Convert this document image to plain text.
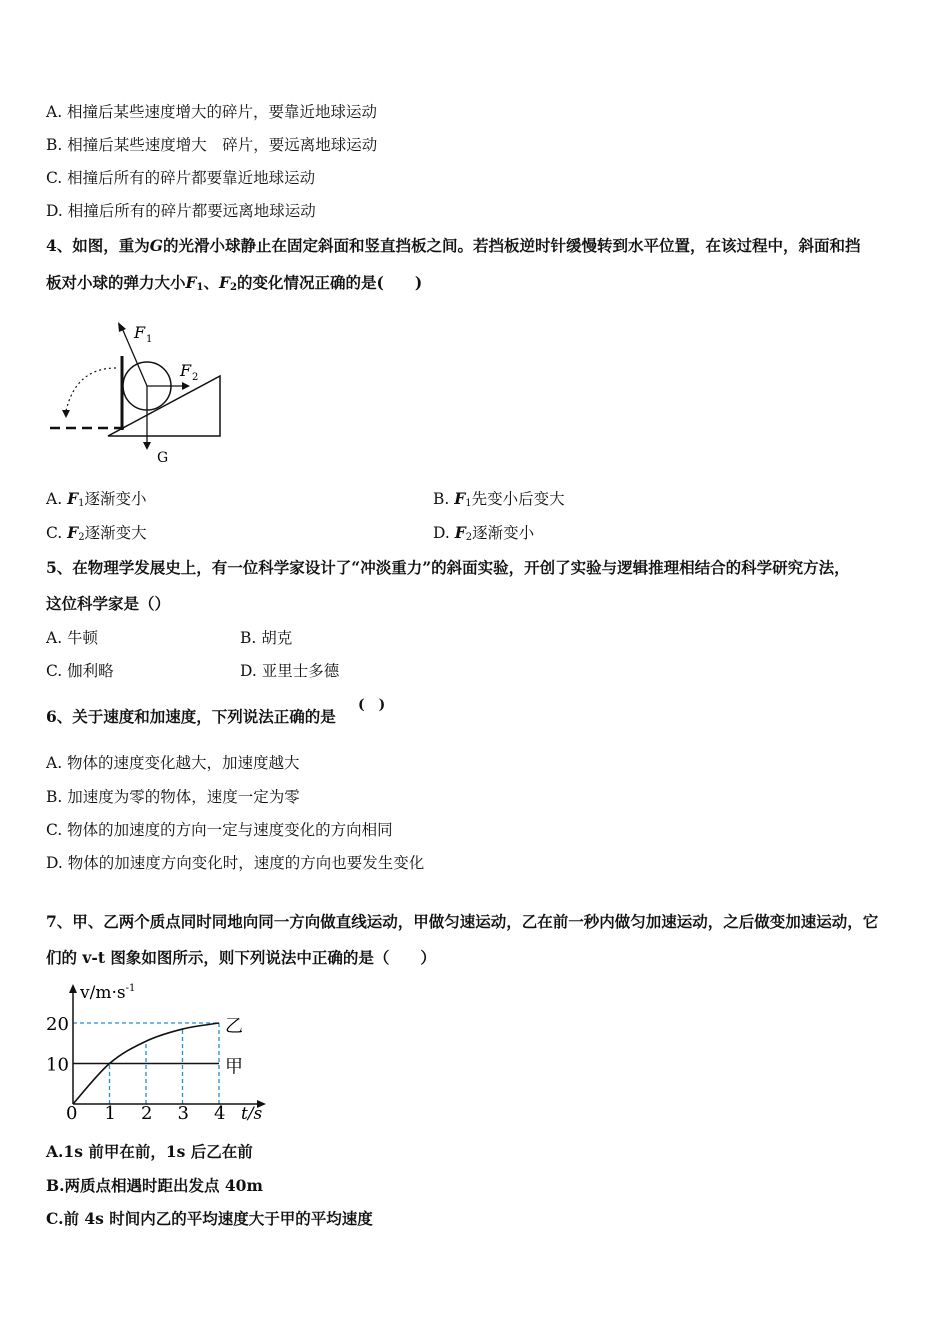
A. 相撞后某些速度增大的碎片，要靠近地球运动
B. 相撞后某些速度增大　碎片，要远离地球运动
C. 相撞后所有的碎片都要靠近地球运动
D. 相撞后所有的碎片都要远离地球运动
4、如图，重为G的光滑小球静止在固定斜面和竖直挡板之间。若挡板逆时针缓慢转到水平位置，在该过程中，斜面和挡
板对小球的弹力大小$F_1$、$F_2$的变化情况正确的是(　　)
F 1
F 2
G
A. $F_1$逐渐变小	B. $F_1$先变小后变大
C. $F_2$逐渐变大	D. $F_2$逐渐变小
5、在物理学发展史上，有一位科学家设计了“冲淡重力”的斜面实验，开创了实验与逻辑推理相结合的科学研究方法，
这位科学家是（）
A. 牛顿	B. 胡克
C. 伽利略	D. 亚里士多德
6、关于速度和加速度，下列说法正确的是
(　)
A. 物体的速度变化越大，加速度越大
B. 加速度为零的物体，速度一定为零
C. 物体的加速度的方向一定与速度变化的方向相同
D. 物体的加速度方向变化时，速度的方向也要发生变化
7、甲、乙两个质点同时同地向同一方向做直线运动，甲做匀速运动，乙在前一秒内做匀加速运动，之后做变加速运动，它
们的 v-t 图象如图所示，则下列说法中正确的是（　　）
0 1 2 3 4
10
20	乙
甲
$v/m\cdot s^{-1}$
t/s
A.1s 前甲在前，1s 后乙在前
B.两质点相遇时距出发点 40m
C.前 4s 时间内乙的平均速度大于甲的平均速度
